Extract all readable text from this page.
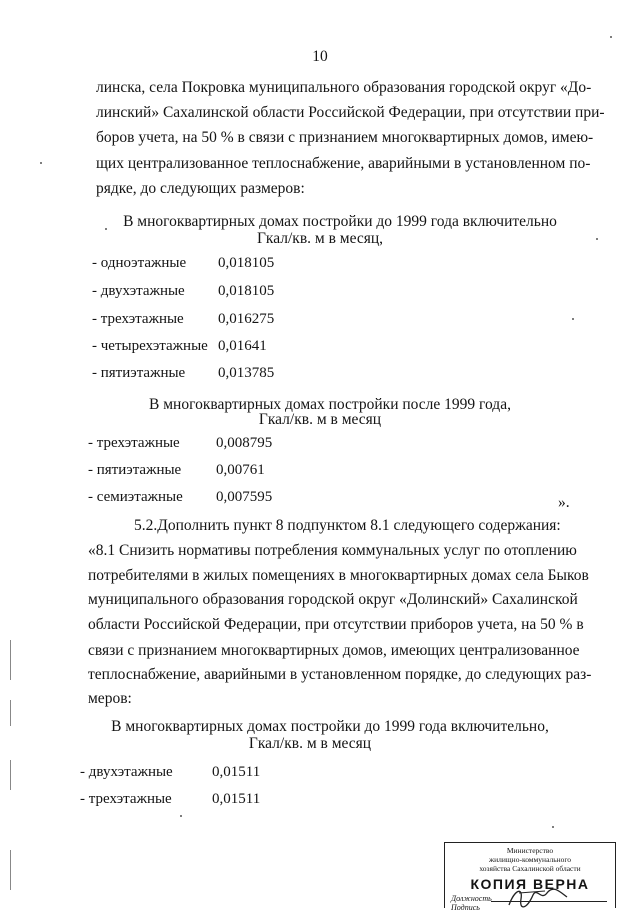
10
линска, села Покровка муниципального образования городской округ «До-
линский» Сахалинской области Российской Федерации, при отсутствии при-
боров учета, на 50 % в связи с признанием многоквартирных домов, имею-
щих централизованное теплоснабжение, аварийными в установленном по-
рядке, до следующих размеров:
В многоквартирных домах постройки до 1999 года включительно
Гкал/кв. м в месяц,
- одноэтажные 0,018105
- двухэтажные 0,018105
- трехэтажные 0,016275
- четырехэтажные 0,01641
- пятиэтажные 0,013785
В многоквартирных домах постройки после 1999 года,
Гкал/кв. м в месяц
- трехэтажные 0,008795
- пятиэтажные 0,00761
- семиэтажные 0,007595	».
5.2.Дополнить пункт 8 подпунктом 8.1 следующего содержания:
«8.1 Снизить нормативы потребления коммунальных услуг по отоплению
потребителями в жилых помещениях в многоквартирных домах села Быков
муниципального образования городской округ «Долинский» Сахалинской
области Российской Федерации, при отсутствии приборов учета, на 50 % в
связи с признанием многоквартирных домов, имеющих централизованное
теплоснабжение, аварийными в установленном порядке, до следующих раз-
меров:
В многоквартирных домах постройки до 1999 года включительно,
Гкал/кв. м в месяц
- двухэтажные	0,01511
- трехэтажные	0,01511
Министерство
жилищно-коммунального
хозяйства Сахалинской области
КОПИЯ ВЕРНА
Должность
Подпись
